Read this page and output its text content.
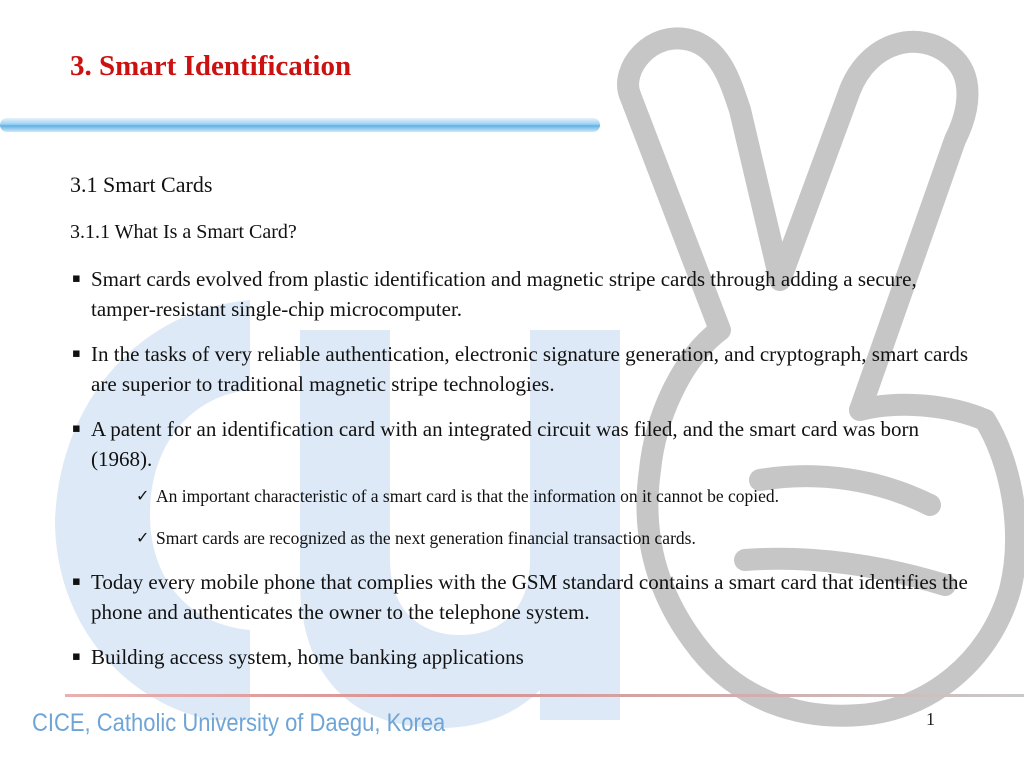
3. Smart Identification
3.1 Smart Cards
3.1.1 What Is a Smart Card?
▪ Smart cards evolved from plastic identification and magnetic stripe cards through adding a secure, tamper-resistant single-chip microcomputer.
▪ In the tasks of very reliable authentication, electronic signature generation, and cryptograph, smart cards are superior to traditional magnetic stripe technologies.
▪ A patent for an identification card with an integrated circuit was filed, and the smart card was born (1968).
✓ An important characteristic of a smart card is that the information on it cannot be copied.
✓ Smart cards are recognized as the next generation financial transaction cards.
▪ Today every mobile phone that complies with the GSM standard contains a smart card that identifies the phone and authenticates the owner to the telephone system.
▪ Building access system, home banking applications
CICE, Catholic University of Daegu, Korea	1
